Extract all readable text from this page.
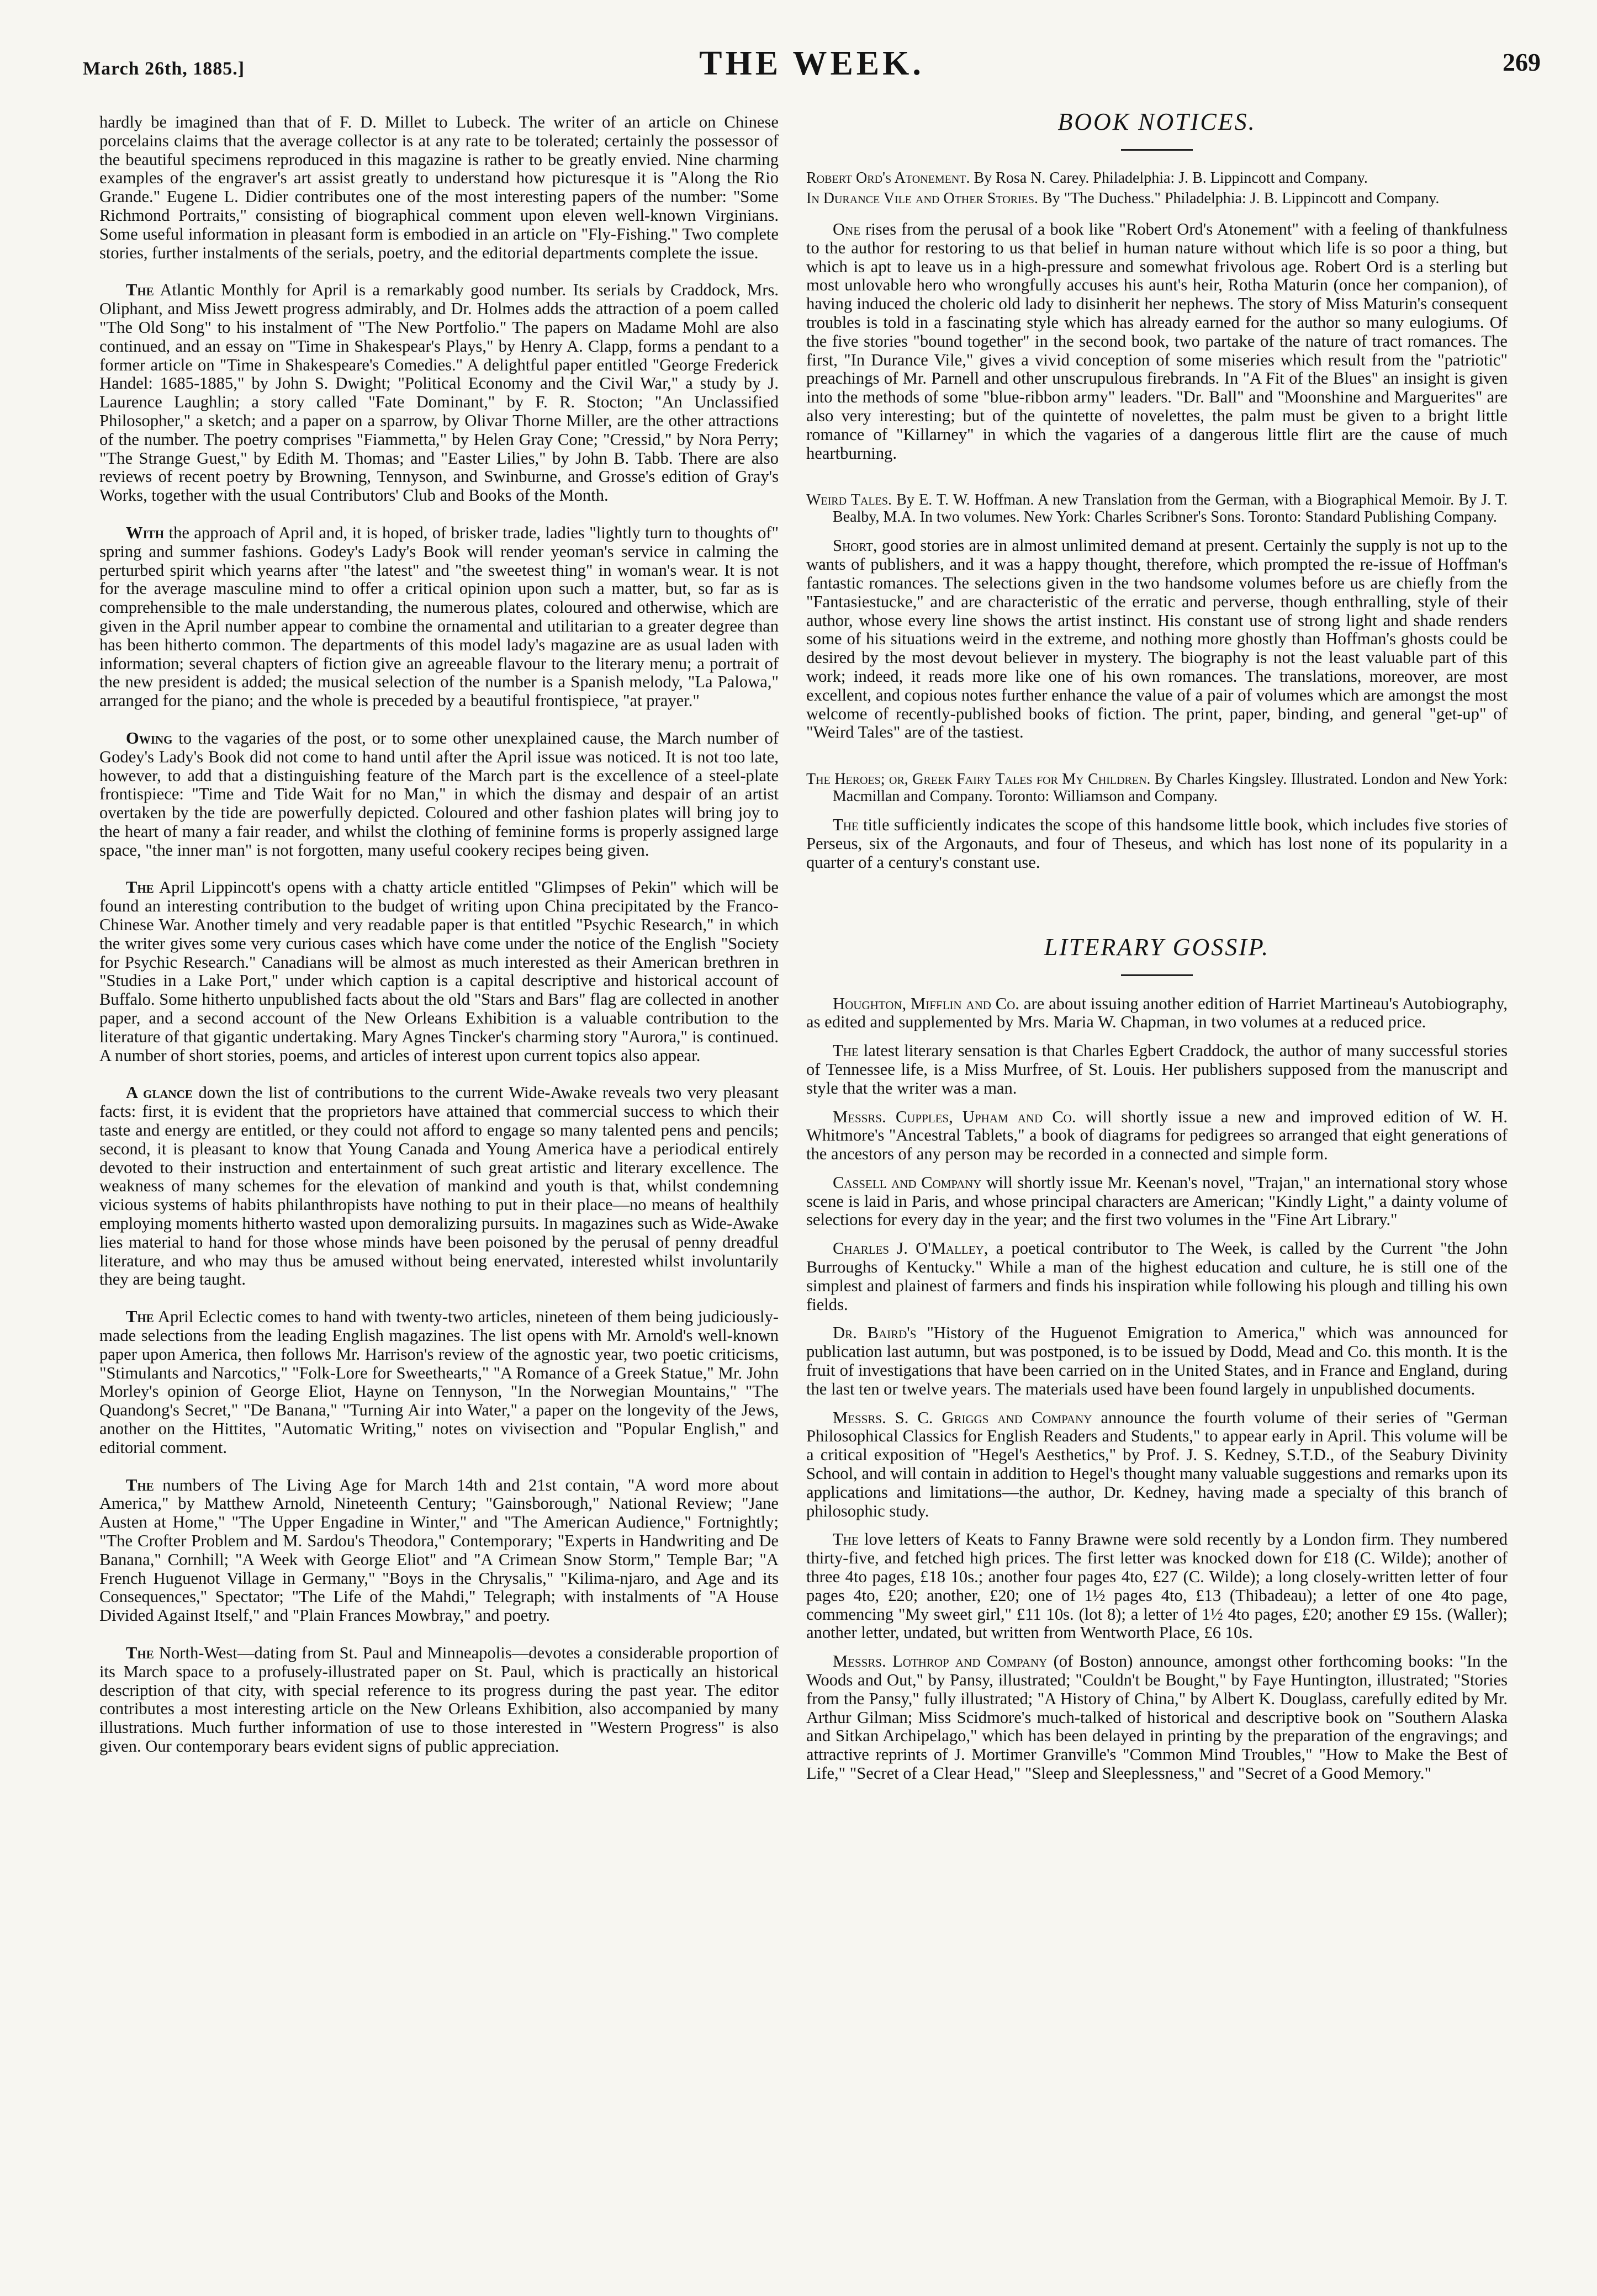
March 26th, 1885.]	THE WEEK.	269

hardly be imagined than that of F. D. Millet to Lubeck. The writer of an article on Chinese porcelains claims that the average collector is at any rate to be tolerated; certainly the possessor of the beautiful specimens reproduced in this magazine is rather to be greatly envied. Nine charming examples of the engraver's art assist greatly to understand how picturesque it is "Along the Rio Grande." Eugene L. Didier contributes one of the most interesting papers of the number: "Some Richmond Portraits," consisting of biographical comment upon eleven well-known Virginians. Some useful information in pleasant form is embodied in an article on "Fly-Fishing." Two complete stories, further instalments of the serials, poetry, and the editorial departments complete the issue.

The Atlantic Monthly for April is a remarkably good number. Its serials by Craddock, Mrs. Oliphant, and Miss Jewett progress admirably, and Dr. Holmes adds the attraction of a poem called "The Old Song" to his instalment of "The New Portfolio." The papers on Madame Mohl are also continued, and an essay on "Time in Shakespear's Plays," by Henry A. Clapp, forms a pendant to a former article on "Time in Shakespeare's Comedies." A delightful paper entitled "George Frederick Handel: 1685-1885," by John S. Dwight; "Political Economy and the Civil War," a study by J. Laurence Laughlin; a story called "Fate Dominant," by F. R. Stocton; "An Unclassified Philosopher," a sketch; and a paper on a sparrow, by Olivar Thorne Miller, are the other attractions of the number. The poetry comprises "Fiammetta," by Helen Gray Cone; "Cressid," by Nora Perry; "The Strange Guest," by Edith M. Thomas; and "Easter Lilies," by John B. Tabb. There are also reviews of recent poetry by Browning, Tennyson, and Swinburne, and Grosse's edition of Gray's Works, together with the usual Contributors' Club and Books of the Month.

With the approach of April and, it is hoped, of brisker trade, ladies "lightly turn to thoughts of" spring and summer fashions. Godey's Lady's Book will render yeoman's service in calming the perturbed spirit which yearns after "the latest" and "the sweetest thing" in woman's wear. It is not for the average masculine mind to offer a critical opinion upon such a matter, but, so far as is comprehensible to the male understanding, the numerous plates, coloured and otherwise, which are given in the April number appear to combine the ornamental and utilitarian to a greater degree than has been hitherto common. The departments of this model lady's magazine are as usual laden with information; several chapters of fiction give an agreeable flavour to the literary menu; a portrait of the new president is added; the musical selection of the number is a Spanish melody, "La Palowa," arranged for the piano; and the whole is preceded by a beautiful frontispiece, "at prayer."

Owing to the vagaries of the post, or to some other unexplained cause, the March number of Godey's Lady's Book did not come to hand until after the April issue was noticed. It is not too late, however, to add that a distinguishing feature of the March part is the excellence of a steel-plate frontispiece: "Time and Tide Wait for no Man," in which the dismay and despair of an artist overtaken by the tide are powerfully depicted. Coloured and other fashion plates will bring joy to the heart of many a fair reader, and whilst the clothing of feminine forms is properly assigned large space, "the inner man" is not forgotten, many useful cookery recipes being given.

The April Lippincott's opens with a chatty article entitled "Glimpses of Pekin" which will be found an interesting contribution to the budget of writing upon China precipitated by the Franco-Chinese War. Another timely and very readable paper is that entitled "Psychic Research," in which the writer gives some very curious cases which have come under the notice of the English "Society for Psychic Research." Canadians will be almost as much interested as their American brethren in "Studies in a Lake Port," under which caption is a capital descriptive and historical account of Buffalo. Some hitherto unpublished facts about the old "Stars and Bars" flag are collected in another paper, and a second account of the New Orleans Exhibition is a valuable contribution to the literature of that gigantic undertaking. Mary Agnes Tincker's charming story "Aurora," is continued. A number of short stories, poems, and articles of interest upon current topics also appear.

A glance down the list of contributions to the current Wide-Awake reveals two very pleasant facts: first, it is evident that the proprietors have attained that commercial success to which their taste and energy are entitled, or they could not afford to engage so many talented pens and pencils; second, it is pleasant to know that Young Canada and Young America have a periodical entirely devoted to their instruction and entertainment of such great artistic and literary excellence. The weakness of many schemes for the elevation of mankind and youth is that, whilst condemning vicious systems of habits philanthropists have nothing to put in their place—no means of healthily employing moments hitherto wasted upon demoralizing pursuits. In magazines such as Wide-Awake lies material to hand for those whose minds have been poisoned by the perusal of penny dreadful literature, and who may thus be amused without being enervated, interested whilst involuntarily they are being taught.

The April Eclectic comes to hand with twenty-two articles, nineteen of them being judiciously-made selections from the leading English magazines. The list opens with Mr. Arnold's well-known paper upon America, then follows Mr. Harrison's review of the agnostic year, two poetic criticisms, "Stimulants and Narcotics," "Folk-Lore for Sweethearts," "A Romance of a Greek Statue," Mr. John Morley's opinion of George Eliot, Hayne on Tennyson, "In the Norwegian Mountains," "The Quandong's Secret," "De Banana," "Turning Air into Water," a paper on the longevity of the Jews, another on the Hittites, "Automatic Writing," notes on vivisection and "Popular English," and editorial comment.

The numbers of The Living Age for March 14th and 21st contain, "A word more about America," by Matthew Arnold, Nineteenth Century; "Gainsborough," National Review; "Jane Austen at Home," "The Upper Engadine in Winter," and "The American Audience," Fortnightly; "The Crofter Problem and M. Sardou's Theodora," Contemporary; "Experts in Handwriting and De Banana," Cornhill; "A Week with George Eliot" and "A Crimean Snow Storm," Temple Bar; "A French Huguenot Village in Germany," "Boys in the Chrysalis," "Kilima-njaro, and Age and its Consequences," Spectator; "The Life of the Mahdi," Telegraph; with instalments of "A House Divided Against Itself," and "Plain Frances Mowbray," and poetry.

The North-West—dating from St. Paul and Minneapolis—devotes a considerable proportion of its March space to a profusely-illustrated paper on St. Paul, which is practically an historical description of that city, with special reference to its progress during the past year. The editor contributes a most interesting article on the New Orleans Exhibition, also accompanied by many illustrations. Much further information of use to those interested in "Western Progress" is also given. Our contemporary bears evident signs of public appreciation.

BOOK NOTICES.

Robert Ord's Atonement. By Rosa N. Carey. Philadelphia: J. B. Lippincott and Company.

In Durance Vile and Other Stories. By "The Duchess." Philadelphia: J. B. Lippincott and Company.

One rises from the perusal of a book like "Robert Ord's Atonement" with a feeling of thankfulness to the author for restoring to us that belief in human nature without which life is so poor a thing, but which is apt to leave us in a high-pressure and somewhat frivolous age. Robert Ord is a sterling but most unlovable hero who wrongfully accuses his aunt's heir, Rotha Maturin (once her companion), of having induced the choleric old lady to disinherit her nephews. The story of Miss Maturin's consequent troubles is told in a fascinating style which has already earned for the author so many eulogiums. Of the five stories "bound together" in the second book, two partake of the nature of tract romances. The first, "In Durance Vile," gives a vivid conception of some miseries which result from the "patriotic" preachings of Mr. Parnell and other unscrupulous firebrands. In "A Fit of the Blues" an insight is given into the methods of some "blue-ribbon army" leaders. "Dr. Ball" and "Moonshine and Marguerites" are also very interesting; but of the quintette of novelettes, the palm must be given to a bright little romance of "Killarney" in which the vagaries of a dangerous little flirt are the cause of much heartburning.

Weird Tales. By E. T. W. Hoffman. A new Translation from the German, with a Biographical Memoir. By J. T. Bealby, M.A. In two volumes. New York: Charles Scribner's Sons. Toronto: Standard Publishing Company.

Short, good stories are in almost unlimited demand at present. Certainly the supply is not up to the wants of publishers, and it was a happy thought, therefore, which prompted the re-issue of Hoffman's fantastic romances. The selections given in the two handsome volumes before us are chiefly from the "Fantasiestucke," and are characteristic of the erratic and perverse, though enthralling, style of their author, whose every line shows the artist instinct. His constant use of strong light and shade renders some of his situations weird in the extreme, and nothing more ghostly than Hoffman's ghosts could be desired by the most devout believer in mystery. The biography is not the least valuable part of this work; indeed, it reads more like one of his own romances. The translations, moreover, are most excellent, and copious notes further enhance the value of a pair of volumes which are amongst the most welcome of recently-published books of fiction. The print, paper, binding, and general "get-up" of "Weird Tales" are of the tastiest.

The Heroes; or, Greek Fairy Tales for My Children. By Charles Kingsley. Illustrated. London and New York: Macmillan and Company. Toronto: Williamson and Company.

The title sufficiently indicates the scope of this handsome little book, which includes five stories of Perseus, six of the Argonauts, and four of Theseus, and which has lost none of its popularity in a quarter of a century's constant use.

LITERARY GOSSIP.

Houghton, Mifflin and Co. are about issuing another edition of Harriet Martineau's Autobiography, as edited and supplemented by Mrs. Maria W. Chapman, in two volumes at a reduced price.

The latest literary sensation is that Charles Egbert Craddock, the author of many successful stories of Tennessee life, is a Miss Murfree, of St. Louis. Her publishers supposed from the manuscript and style that the writer was a man.

Messrs. Cupples, Upham and Co. will shortly issue a new and improved edition of W. H. Whitmore's "Ancestral Tablets," a book of diagrams for pedigrees so arranged that eight generations of the ancestors of any person may be recorded in a connected and simple form.

Cassell and Company will shortly issue Mr. Keenan's novel, "Trajan," an international story whose scene is laid in Paris, and whose principal characters are American; "Kindly Light," a dainty volume of selections for every day in the year; and the first two volumes in the "Fine Art Library."

Charles J. O'Malley, a poetical contributor to The Week, is called by the Current "the John Burroughs of Kentucky." While a man of the highest education and culture, he is still one of the simplest and plainest of farmers and finds his inspiration while following his plough and tilling his own fields.

Dr. Baird's "History of the Huguenot Emigration to America," which was announced for publication last autumn, but was postponed, is to be issued by Dodd, Mead and Co. this month. It is the fruit of investigations that have been carried on in the United States, and in France and England, during the last ten or twelve years. The materials used have been found largely in unpublished documents.

Messrs. S. C. Griggs and Company announce the fourth volume of their series of "German Philosophical Classics for English Readers and Students," to appear early in April. This volume will be a critical exposition of "Hegel's Aesthetics," by Prof. J. S. Kedney, S.T.D., of the Seabury Divinity School, and will contain in addition to Hegel's thought many valuable suggestions and remarks upon its applications and limitations—the author, Dr. Kedney, having made a specialty of this branch of philosophic study.

The love letters of Keats to Fanny Brawne were sold recently by a London firm. They numbered thirty-five, and fetched high prices. The first letter was knocked down for £18 (C. Wilde); another of three 4to pages, £18 10s.; another four pages 4to, £27 (C. Wilde); a long closely-written letter of four pages 4to, £20; another, £20; one of 1½ pages 4to, £13 (Thibadeau); a letter of one 4to page, commencing "My sweet girl," £11 10s. (lot 8); a letter of 1½ 4to pages, £20; another £9 15s. (Waller); another letter, undated, but written from Wentworth Place, £6 10s.

Messrs. Lothrop and Company (of Boston) announce, amongst other forthcoming books: "In the Woods and Out," by Pansy, illustrated; "Couldn't be Bought," by Faye Huntington, illustrated; "Stories from the Pansy," fully illustrated; "A History of China," by Albert K. Douglass, carefully edited by Mr. Arthur Gilman; Miss Scidmore's much-talked of historical and descriptive book on "Southern Alaska and Sitkan Archipelago," which has been delayed in printing by the preparation of the engravings; and attractive reprints of J. Mortimer Granville's "Common Mind Troubles," "How to Make the Best of Life," "Secret of a Clear Head," "Sleep and Sleeplessness," and "Secret of a Good Memory."
